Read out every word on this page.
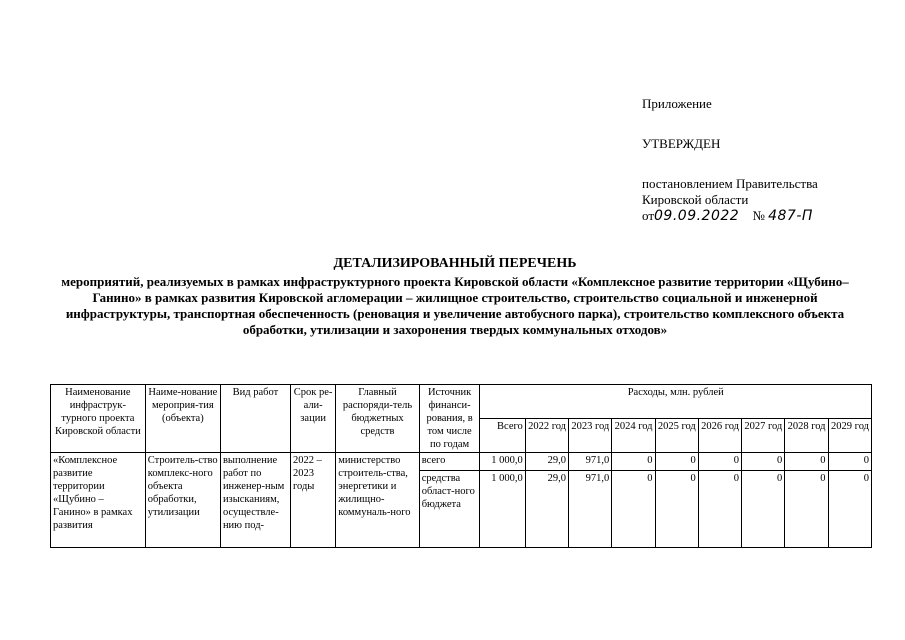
Приложение
УТВЕРЖДЕН
постановлением Правительства
Кировской области
от09.09.2022 № 487-П
ДЕТАЛИЗИРОВАННЫЙ ПЕРЕЧЕНЬ
мероприятий, реализуемых в рамках инфраструктурного проекта Кировской области «Комплексное развитие территории «Щубино–Ганино» в рамках развития Кировской агломерации – жилищное строительство, строительство социальной и инженерной инфраструктуры, транспортная обеспеченность (реновация и увеличение автобусного парка), строительство комплексного объекта обработки, утилизации и захоронения твердых коммунальных отходов»
Наименование инфраструк-турного проекта Кировской области	Наиме-нование мероприя-тия (объекта)	Вид работ	Срок ре-али-зации	Главный распоряди-тель бюджетных средств	Источник финанси-рования, в том числе по годам	Расходы, млн. рублей								
						Всего	2022 год	2023 год	2024 год	2025 год	2026 год	2027 год	2028 год	2029 год
«Комплексное развитие территории «Щубино – Ганино» в рамках развития	Строитель-ство комплекс-ного объекта обработки, утилизации	выполнение работ по инженер-ным изысканиям, осуществле-нию под-	2022 – 2023 годы	министерство строитель-ства, энергетики и жилищно-коммуналь-ного	всего	1 000,0	29,0	971,0	0	0	0	0	0	0
					средства област-ного бюджета	1 000,0	29,0	971,0	0	0	0	0	0	0
